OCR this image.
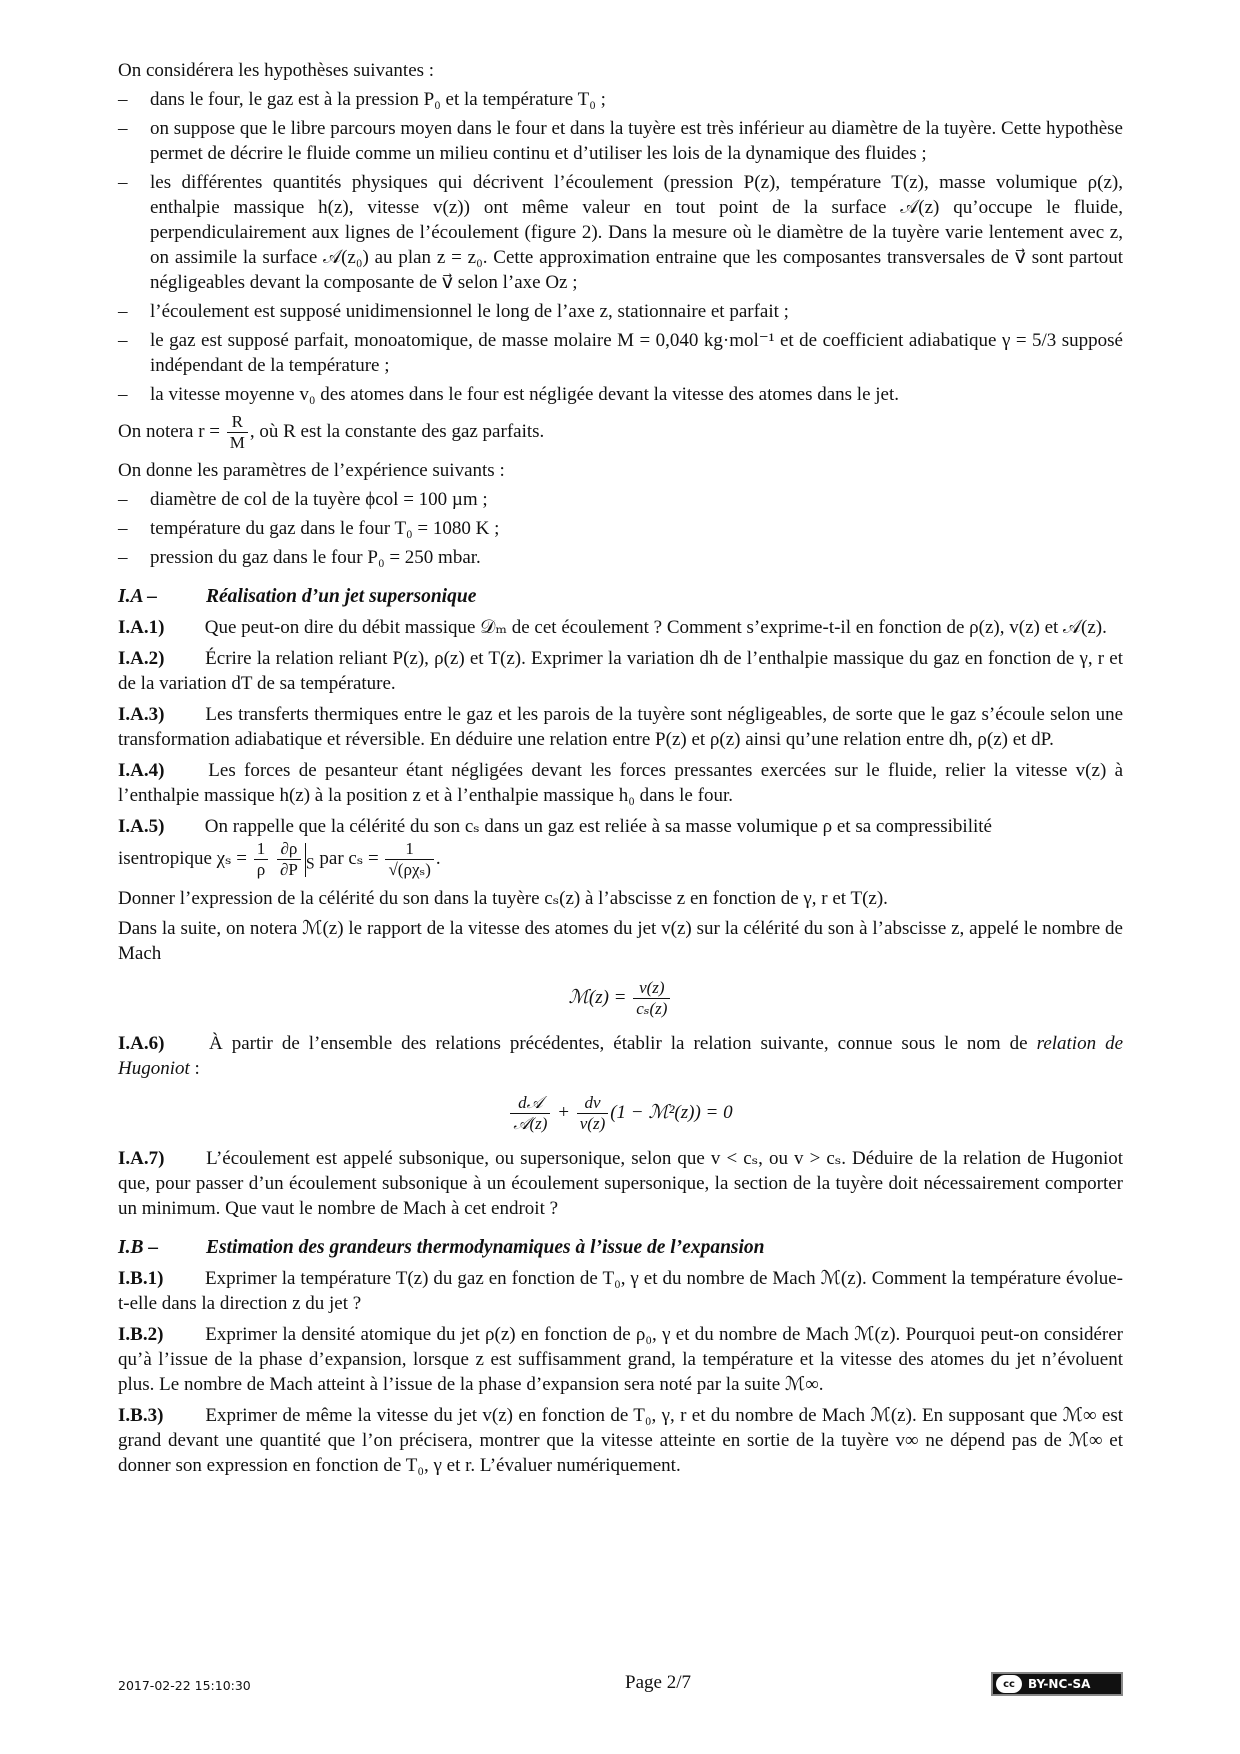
On considérera les hypothèses suivantes :

– dans le four, le gaz est à la pression P₀ et la température T₀ ;
– on suppose que le libre parcours moyen dans le four et dans la tuyère est très inférieur au diamètre de la tuyère. Cette hypothèse permet de décrire le fluide comme un milieu continu et d’utiliser les lois de la dynamique des fluides ;
– les différentes quantités physiques qui décrivent l’écoulement (pression P(z), température T(z), masse volumique ρ(z), enthalpie massique h(z), vitesse v(z)) ont même valeur en tout point de la surface 𝒜(z) qu’occupe le fluide, perpendiculairement aux lignes de l’écoulement (figure 2). Dans la mesure où le diamètre de la tuyère varie lentement avec z, on assimile la surface 𝒜(z₀) au plan z = z₀. Cette approximation entraine que les composantes transversales de v⃗ sont partout négligeables devant la composante de v⃗ selon l’axe Oz ;
– l’écoulement est supposé unidimensionnel le long de l’axe z, stationnaire et parfait ;
– le gaz est supposé parfait, monoatomique, de masse molaire M = 0,040 kg·mol⁻¹ et de coefficient adiabatique γ = 5/3 supposé indépendant de la température ;
– la vitesse moyenne v₀ des atomes dans le four est négligée devant la vitesse des atomes dans le jet.

On notera $r = \frac{R}{M}$ , où R est la constante des gaz parfaits.

On donne les paramètres de l’expérience suivants :

– diamètre de col de la tuyère ϕcol = 100 µm ;
– température du gaz dans le four T₀ = 1080 K ;
– pression du gaz dans le four P₀ = 250 mbar.
I.A –	Réalisation d’un jet supersonique

I.A.1) Que peut-on dire du débit massique 𝒟ₘ de cet écoulement ? Comment s’exprime-t-il en fonction de ρ(z), v(z) et 𝒜(z).

I.A.2) Écrire la relation reliant P(z), ρ(z) et T(z). Exprimer la variation dh de l’enthalpie massique du gaz en fonction de γ, r et de la variation dT de sa température.

I.A.3) Les transferts thermiques entre le gaz et les parois de la tuyère sont négligeables, de sorte que le gaz s’écoule selon une transformation adiabatique et réversible. En déduire une relation entre P(z) et ρ(z) ainsi qu’une relation entre dh, ρ(z) et dP.

I.A.4) Les forces de pesanteur étant négligées devant les forces pressantes exercées sur le fluide, relier la vitesse v(z) à l’enthalpie massique h(z) à la position z et à l’enthalpie massique h₀ dans le four.

I.A.5) On rappelle que la célérité du son cₛ dans un gaz est reliée à sa masse volumique ρ et sa compressibilité
isentropique $\chi_s = \frac{1}{\rho}$
$\frac{\partial\rho}{\partial P} _S$ par $c_s = \frac{1}{\text{√(ρχₛ)}}$ .

Donner l’expression de la célérité du son dans la tuyère cₛ(z) à l’abscisse z en fonction de γ, r et T(z).

Dans la suite, on notera ℳ(z) le rapport de la vitesse des atomes du jet v(z) sur la célérité du son à l’abscisse z, appelé le nombre de Mach

ℳ(z) = $\frac{v(z)}{\text{cₛ(z)}}$

I.A.6) À partir de l’ensemble des relations précédentes, établir la relation suivante, connue sous le nom de relation de Hugoniot :

$\frac{\text{d𝒜}}{\text{𝒜(z)}} + \frac{dv}{v(z)} (1$ − ℳ²(z)) = 0

I.A.7) L’écoulement est appelé subsonique, ou supersonique, selon que v < cₛ, ou v > cₛ. Déduire de la relation de Hugoniot que, pour passer d’un écoulement subsonique à un écoulement supersonique, la section de la tuyère doit nécessairement comporter un minimum. Que vaut le nombre de Mach à cet endroit ?

I.B – Estimation des grandeurs thermodynamiques à l’issue de l’expansion

I.B.1) Exprimer la température T(z) du gaz en fonction de T₀, γ et du nombre de Mach ℳ(z). Comment la température évolue-t-elle dans la direction z du jet ?

I.B.2) Exprimer la densité atomique du jet ρ(z) en fonction de ρ₀, γ et du nombre de Mach ℳ(z). Pourquoi peut-on considérer qu’à l’issue de la phase d’expansion, lorsque z est suffisamment grand, la température et la vitesse des atomes du jet n’évoluent plus. Le nombre de Mach atteint à l’issue de la phase d’expansion sera noté par la suite ℳ∞.

I.B.3) Exprimer de même la vitesse du jet v(z) en fonction de T₀, γ, r et du nombre de Mach ℳ(z). En supposant que ℳ∞ est grand devant une quantité que l’on précisera, montrer que la vitesse atteinte en sortie de la tuyère v∞ ne dépend pas de ℳ∞ et donner son expression en fonction de T₀, γ et r. L’évaluer numériquement.

2017-02-22 15:10:30	Page 2/7	cc	BY-NC-SA
